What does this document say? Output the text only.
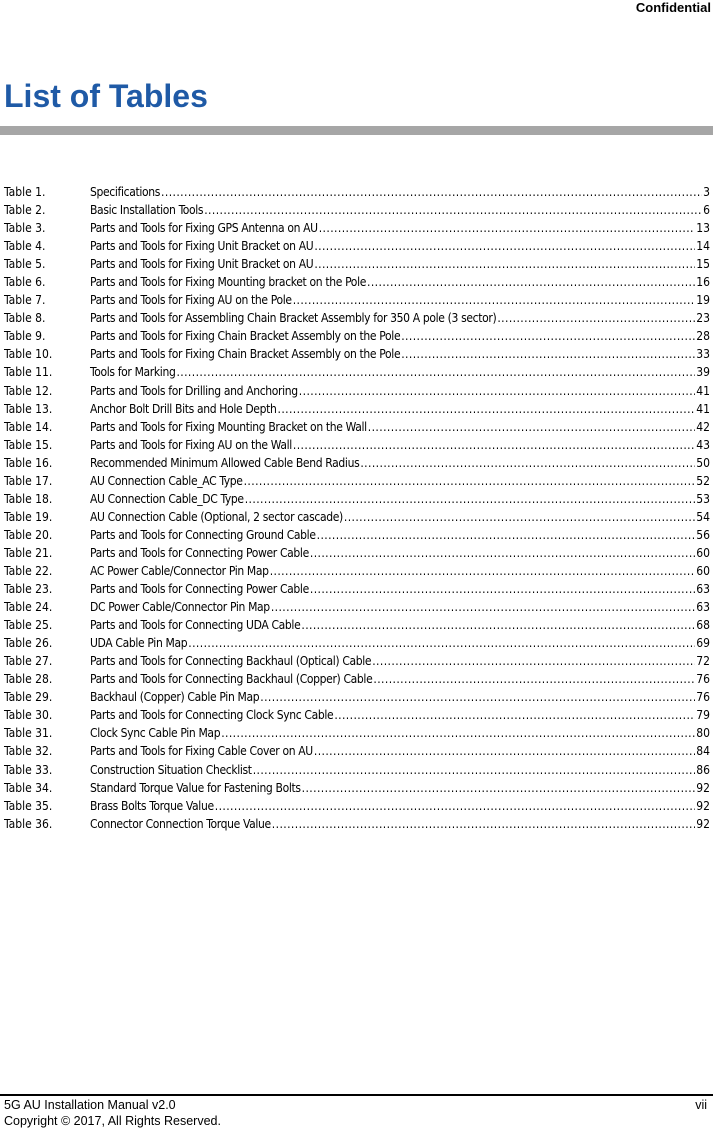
Confidential
List of Tables
Table 1.	Specifications .....	3
Table 2.	Basic Installation Tools .....	6
Table 3.	Parts and Tools for Fixing GPS Antenna on AU .....	13
Table 4.	Parts and Tools for Fixing Unit Bracket on AU .....	14
Table 5.	Parts and Tools for Fixing Unit Bracket on AU .....	15
Table 6.	Parts and Tools for Fixing Mounting bracket on the Pole .....	16
Table 7.	Parts and Tools for Fixing AU on the Pole .....	19
Table 8.	Parts and Tools for Assembling Chain Bracket Assembly for 350 A pole (3 sector) .....	23
Table 9.	Parts and Tools for Fixing Chain Bracket Assembly on the Pole .....	28
Table 10.	Parts and Tools for Fixing Chain Bracket Assembly on the Pole .....	33
Table 11.	Tools for Marking .....	39
Table 12.	Parts and Tools for Drilling and Anchoring .....	41
Table 13.	Anchor Bolt Drill Bits and Hole Depth .....	41
Table 14.	Parts and Tools for Fixing Mounting Bracket on the Wall .....	42
Table 15.	Parts and Tools for Fixing AU on the Wall .....	43
Table 16.	Recommended Minimum Allowed Cable Bend Radius .....	50
Table 17.	AU Connection Cable_AC Type .....	52
Table 18.	AU Connection Cable_DC Type .....	53
Table 19.	AU Connection Cable (Optional, 2 sector cascade) .....	54
Table 20.	Parts and Tools for Connecting Ground Cable .....	56
Table 21.	Parts and Tools for Connecting Power Cable .....	60
Table 22.	AC Power Cable/Connector Pin Map .....	60
Table 23.	Parts and Tools for Connecting Power Cable .....	63
Table 24.	DC Power Cable/Connector Pin Map .....	63
Table 25.	Parts and Tools for Connecting UDA Cable .....	68
Table 26.	UDA Cable Pin Map .....	69
Table 27.	Parts and Tools for Connecting Backhaul (Optical) Cable .....	72
Table 28.	Parts and Tools for Connecting Backhaul (Copper) Cable .....	76
Table 29.	Backhaul (Copper) Cable Pin Map .....	76
Table 30.	Parts and Tools for Connecting Clock Sync Cable .....	79
Table 31.	Clock Sync Cable Pin Map .....	80
Table 32.	Parts and Tools for Fixing Cable Cover on AU .....	84
Table 33.	Construction Situation Checklist .....	86
Table 34.	Standard Torque Value for Fastening Bolts .....	92
Table 35.	Brass Bolts Torque Value .....	92
Table 36.	Connector Connection Torque Value .....	92
5G AU Installation Manual v2.0
Copyright © 2017, All Rights Reserved.
vii
